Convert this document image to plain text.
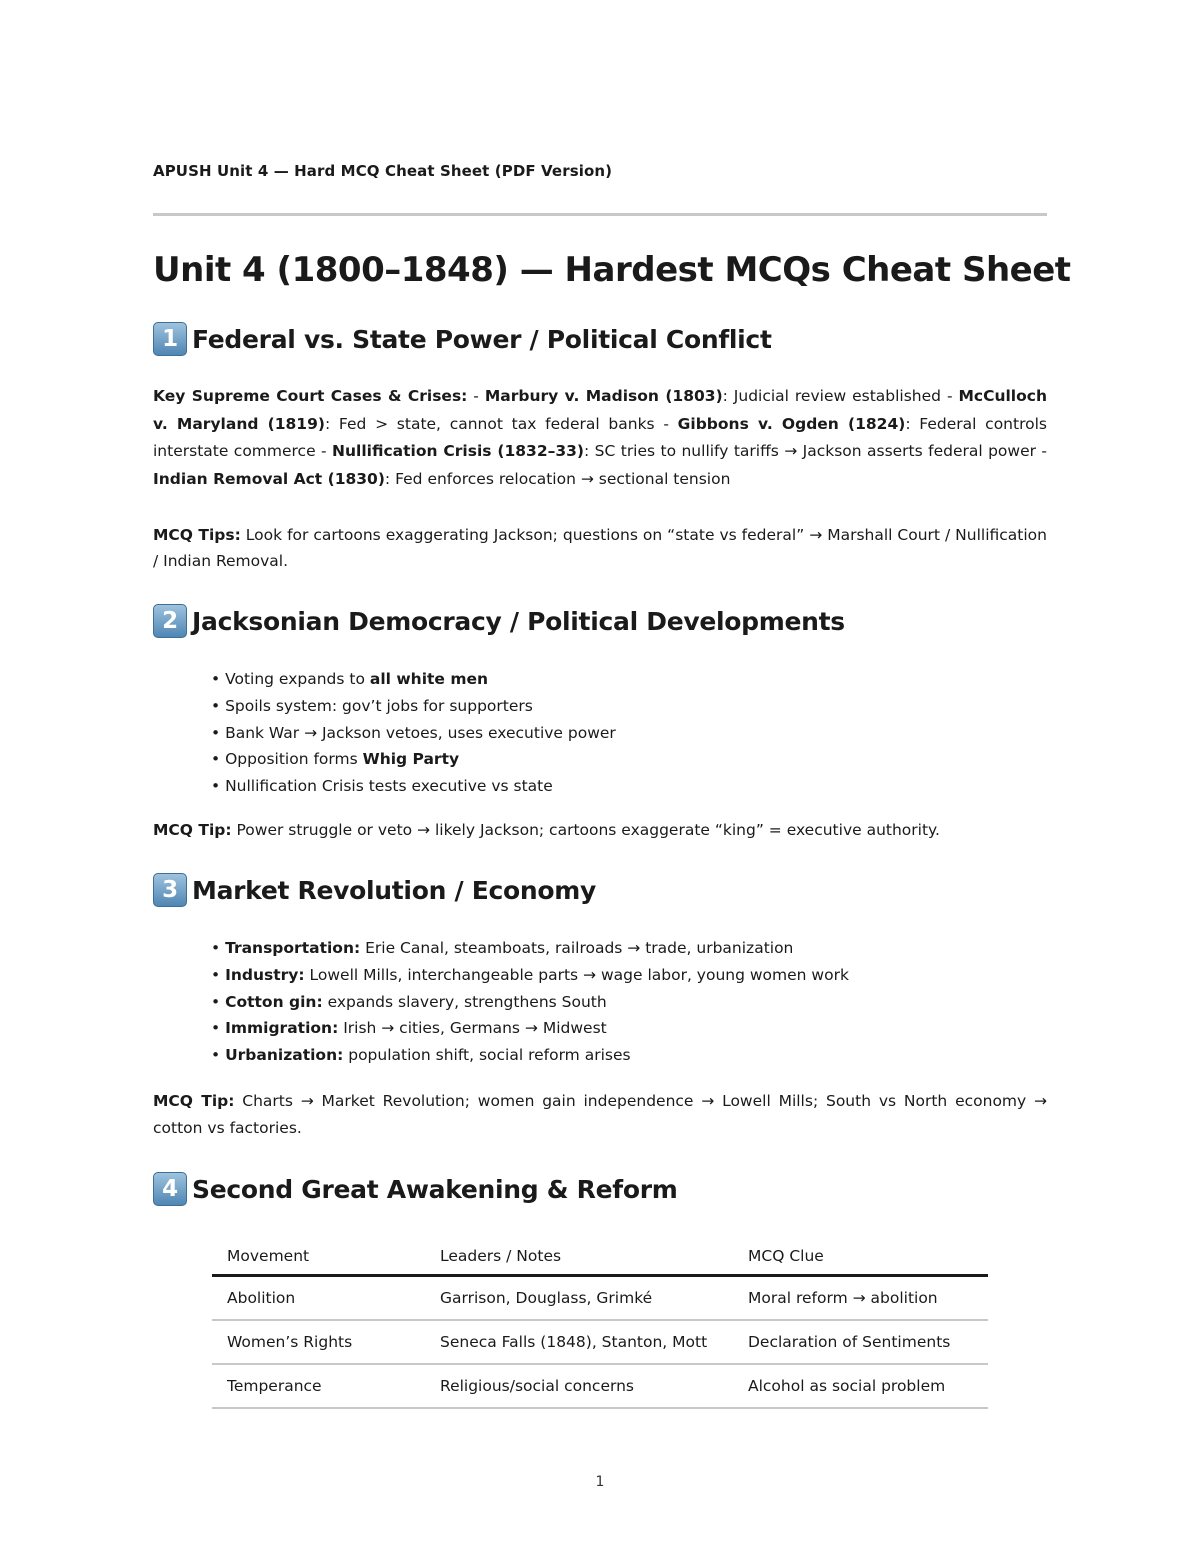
APUSH Unit 4 — Hard MCQ Cheat Sheet (PDF Version)
Unit 4 (1800–1848) — Hardest MCQs Cheat Sheet
1 Federal vs. State Power / Political Conflict

Key Supreme Court Cases & Crises: - Marbury v. Madison (1803): Judicial review established - McCulloch v. Maryland (1819): Fed > state, cannot tax federal banks - Gibbons v. Ogden (1824): Federal controls interstate commerce - Nullification Crisis (1832–33): SC tries to nullify tariffs → Jackson asserts federal power - Indian Removal Act (1830): Fed enforces relocation → sectional tension

MCQ Tips: Look for cartoons exaggerating Jackson; questions on “state vs federal” → Marshall Court / Nullification / Indian Removal.

2 Jacksonian Democracy / Political Developments
• Voting expands to all white men
• Spoils system: gov’t jobs for supporters
• Bank War → Jackson vetoes, uses executive power
• Opposition forms Whig Party
• Nullification Crisis tests executive vs state

MCQ Tip: Power struggle or veto → likely Jackson; cartoons exaggerate “king” = executive authority.

3 Market Revolution / Economy
• Transportation: Erie Canal, steamboats, railroads → trade, urbanization
• Industry: Lowell Mills, interchangeable parts → wage labor, young women work
• Cotton gin: expands slavery, strengthens South
• Immigration: Irish → cities, Germans → Midwest
• Urbanization: population shift, social reform arises

MCQ Tip: Charts → Market Revolution; women gain independence → Lowell Mills; South vs North economy → cotton vs factories.

4 Second Great Awakening & Reform
Movement	Leaders / Notes	MCQ Clue
Abolition	Garrison, Douglass, Grimké	Moral reform → abolition
Women’s Rights	Seneca Falls (1848), Stanton, Mott	Declaration of Sentiments
Temperance	Religious/social concerns	Alcohol as social problem
1
